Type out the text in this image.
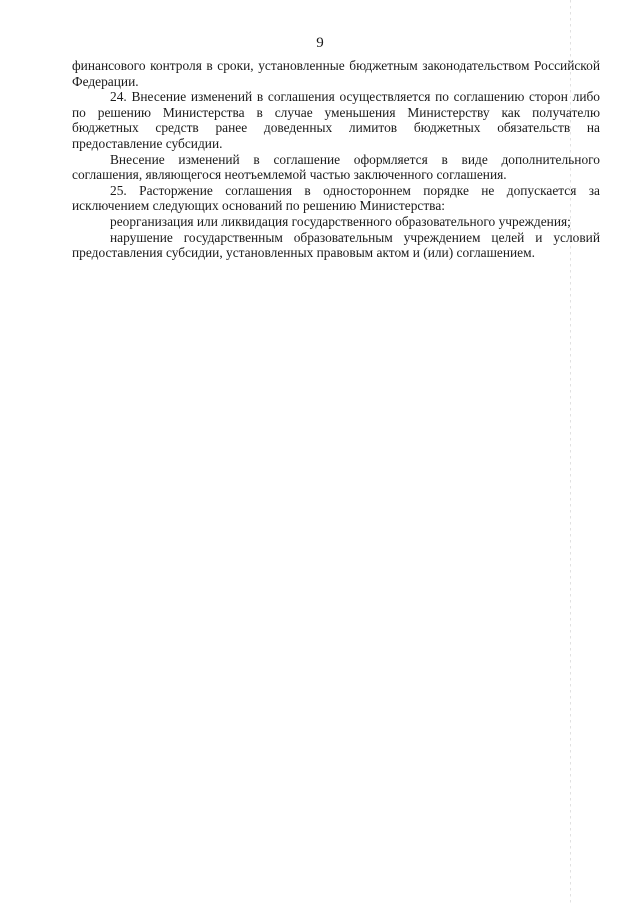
9

финансового контроля в сроки, установленные бюджетным законодательством Российской Федерации.

24. Внесение изменений в соглашения осуществляется по соглашению сторон либо по решению Министерства в случае уменьшения Министерству как получателю бюджетных средств ранее доведенных лимитов бюджетных обязательств на предоставление субсидии.

Внесение изменений в соглашение оформляется в виде дополнительного соглашения, являющегося неотъемлемой частью заключенного соглашения.

25. Расторжение соглашения в одностороннем порядке не допускается за исключением следующих оснований по решению Министерства:

реорганизация или ликвидация государственного образовательного учреждения;

нарушение государственным образовательным учреждением целей и условий предоставления субсидии, установленных правовым актом и (или) соглашением.
